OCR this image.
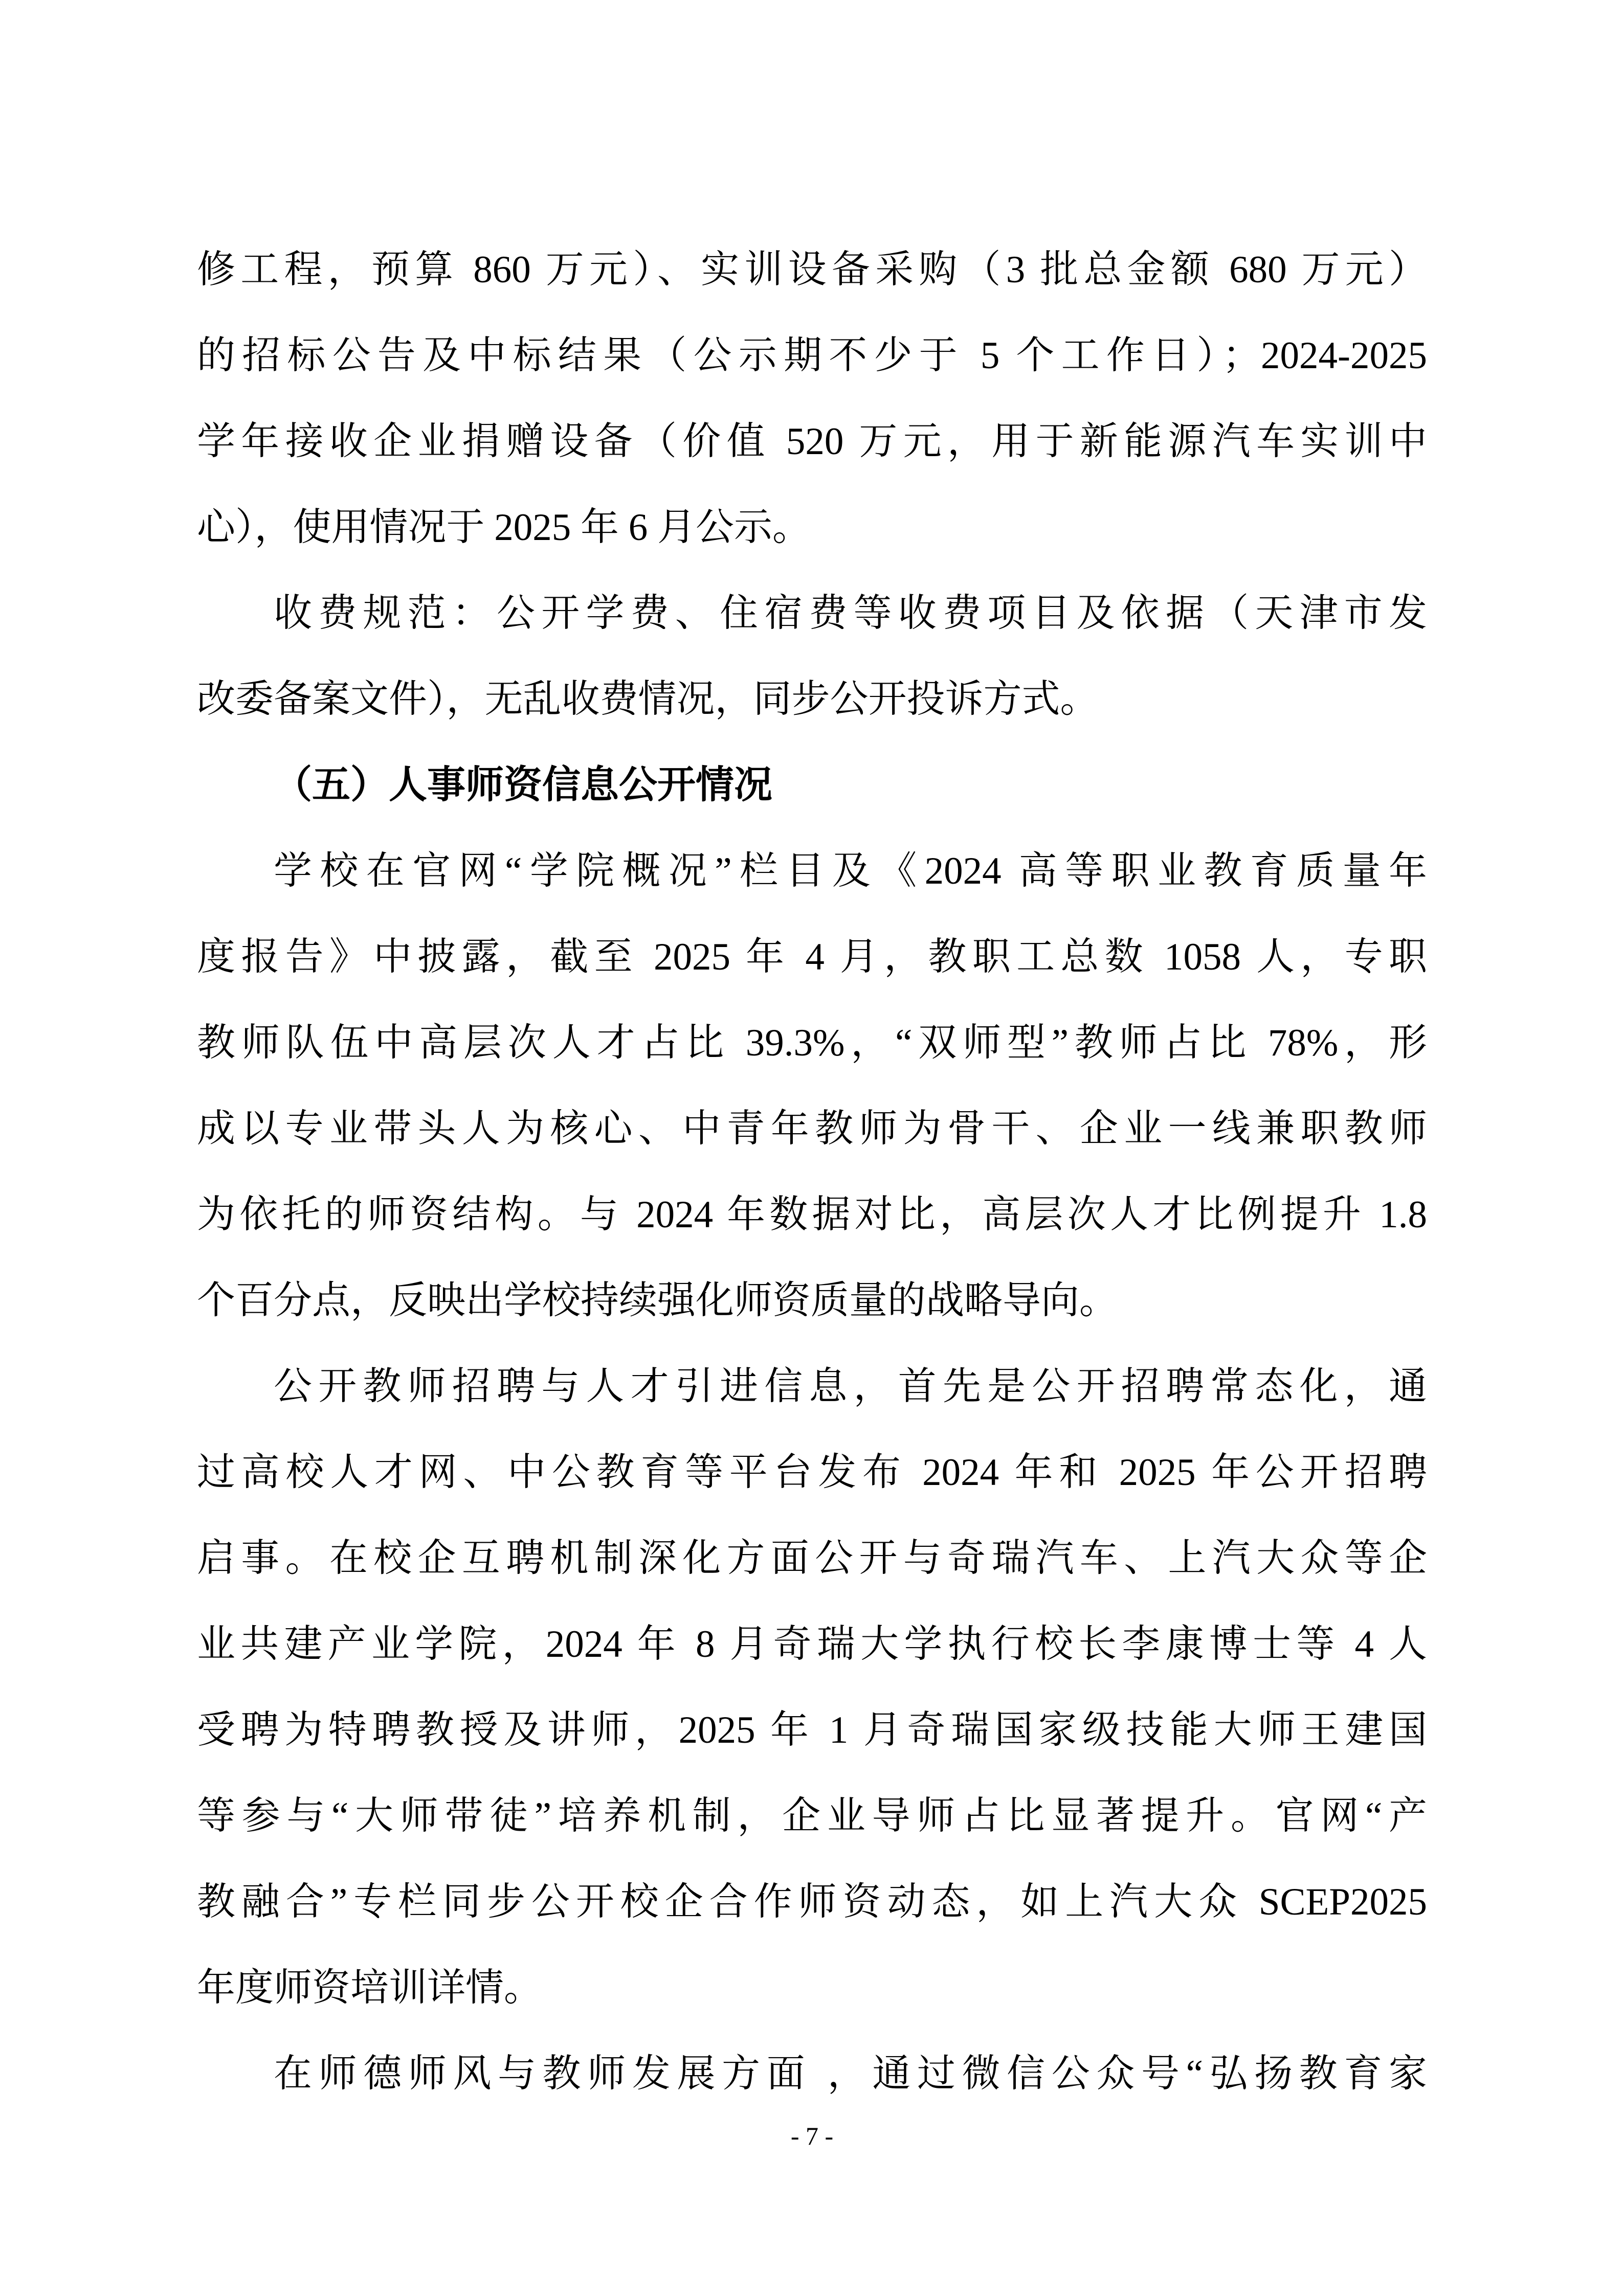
修工程，预算 860 万元）、实训设备采购（3 批总金额 680 万元）
的招标公告及中标结果（公示期不少于 5 个工作日）；2024-2025
学年接收企业捐赠设备（价值 520 万元，用于新能源汽车实训中
心），使用情况于 2025 年 6 月公示。
收费规范：公开学费、住宿费等收费项目及依据（天津市发
改委备案文件），无乱收费情况，同步公开投诉方式。
（五）人事师资信息公开情况
学校在官网“学院概况”栏目及《2024 高等职业教育质量年
度报告》中披露，截至 2025 年 4 月，教职工总数 1058 人，专职
教师队伍中高层次人才占比 39.3%，“双师型”教师占比 78%，形
成以专业带头人为核心、中青年教师为骨干、企业一线兼职教师
为依托的师资结构。与 2024 年数据对比，高层次人才比例提升 1.8
个百分点，反映出学校持续强化师资质量的战略导向。
公开教师招聘与人才引进信息，首先是公开招聘常态化，通
过高校人才网、中公教育等平台发布 2024 年和 2025 年公开招聘
启事。在校企互聘机制深化方面公开与奇瑞汽车、上汽大众等企
业共建产业学院，2024 年 8 月奇瑞大学执行校长李康博士等 4 人
受聘为特聘教授及讲师，2025 年 1 月奇瑞国家级技能大师王建国
等参与“大师带徒”培养机制，企业导师占比显著提升。官网“产
教融合”专栏同步公开校企合作师资动态，如上汽大众 SCEP2025
年度师资培训详情。
在师德师风与教师发展方面 ，通过微信公众号“弘扬教育家
- 7 -
